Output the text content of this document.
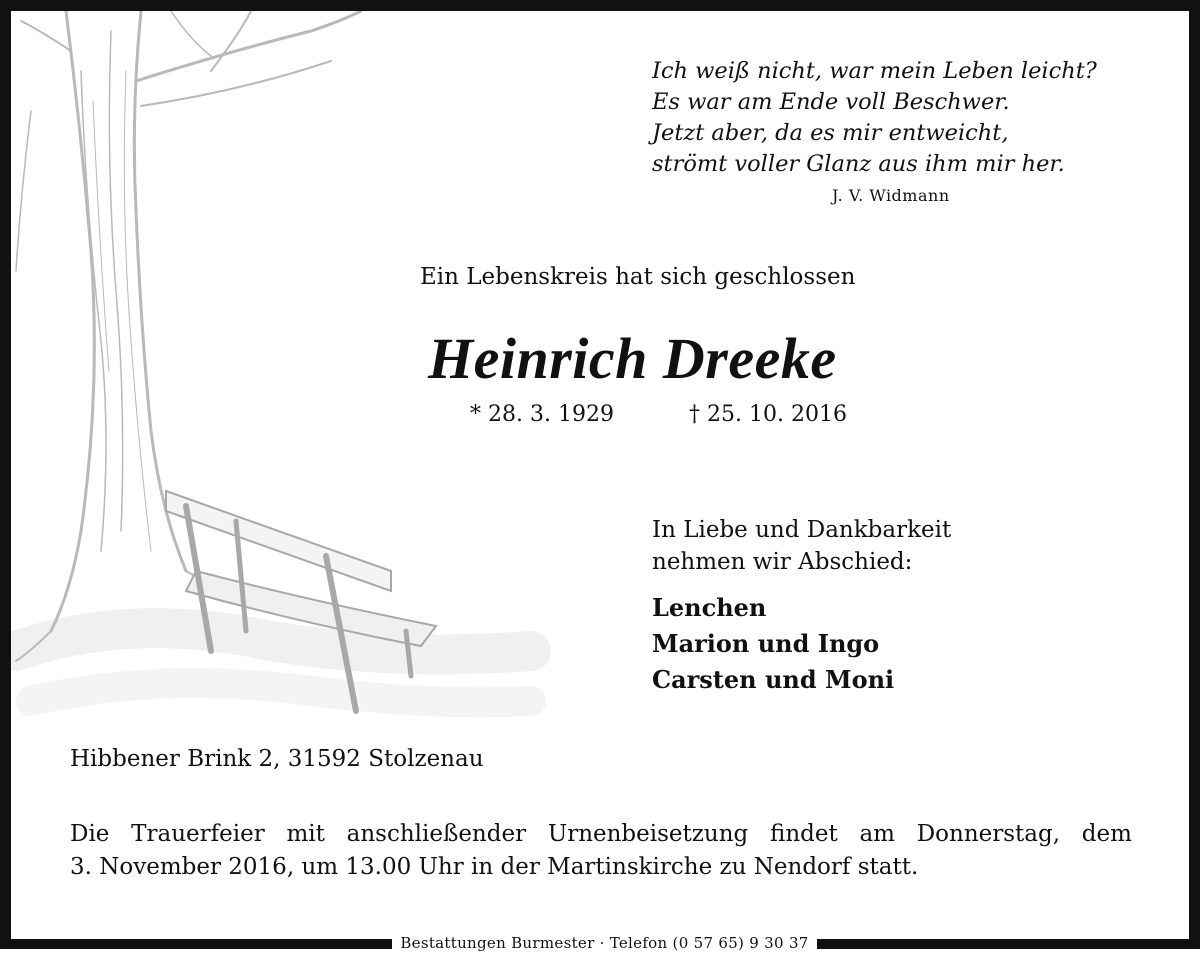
Bestattungen Burmester · Telefon (0 57 65) 9 30 37
Ich weiß nicht, war mein Leben leicht?
Es war am Ende voll Beschwer.
Jetzt aber, da es mir entweicht,
strömt voller Glanz aus ihm mir her.
J. V. Widmann
Ein Lebenskreis hat sich geschlossen
Heinrich Dreeke
* 28. 3. 1929	† 25. 10. 2016
In Liebe und Dankbarkeit
nehmen wir Abschied:
Lenchen
Marion und Ingo
Carsten und Moni
Hibbener Brink 2, 31592 Stolzenau
Die Trauerfeier mit anschließender Urnenbeisetzung findet am Donnerstag, dem
3. November 2016, um 13.00 Uhr in der Martinskirche zu Nendorf statt.
